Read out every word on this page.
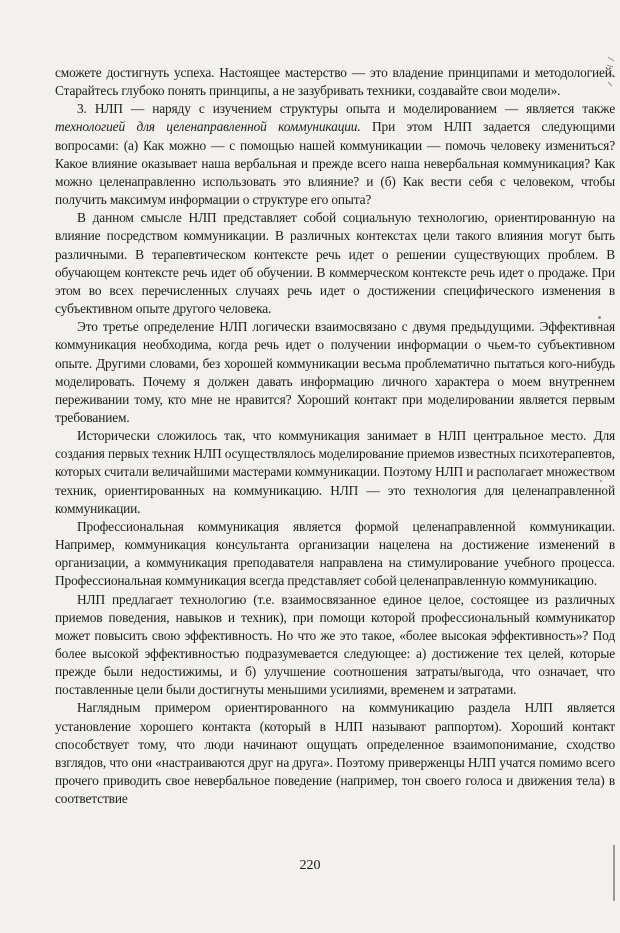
сможете достигнуть успеха. Настоящее мастерство — это владение принципами и методологией. Старайтесь глубоко понять принципы, а не зазубривать техники, создавайте свои модели».

3. НЛП — наряду с изучением структуры опыта и моделированием — является также технологией для целенаправленной коммуникации. При этом НЛП задается следующими вопросами: (а) Как можно — с помощью нашей коммуникации — помочь человеку измениться? Какое влияние оказывает наша вербальная и прежде всего наша невербальная коммуникация? Как можно целенаправленно использовать это влияние? и (б) Как вести себя с человеком, чтобы получить максимум информации о структуре его опыта?

В данном смысле НЛП представляет собой социальную технологию, ориентированную на влияние посредством коммуникации. В различных контекстах цели такого влияния могут быть различными. В терапевтическом контексте речь идет о решении существующих проблем. В обучающем контексте речь идет об обучении. В коммерческом контексте речь идет о продаже. При этом во всех перечисленных случаях речь идет о достижении специфического изменения в субъективном опыте другого человека.

Это третье определение НЛП логически взаимосвязано с двумя предыдущими. Эффективная коммуникация необходима, когда речь идет о получении информации о чьем-то субъективном опыте. Другими словами, без хорошей коммуникации весьма проблематично пытаться кого-нибудь моделировать. Почему я должен давать информацию личного характера о моем внутреннем переживании тому, кто мне не нравится? Хороший контакт при моделировании является первым требованием.

Исторически сложилось так, что коммуникация занимает в НЛП центральное место. Для создания первых техник НЛП осуществлялось моделирование приемов известных психотерапевтов, которых считали величайшими мастерами коммуникации. Поэтому НЛП и располагает множеством техник, ориентированных на коммуникацию. НЛП — это технология для целенаправленной коммуникации.

Профессиональная коммуникация является формой целенаправленной коммуникации. Например, коммуникация консультанта организации нацелена на достижение изменений в организации, а коммуникация преподавателя направлена на стимулирование учебного процесса. Профессиональная коммуникация всегда представляет собой целенаправленную коммуникацию.

НЛП предлагает технологию (т.е. взаимосвязанное единое целое, состоящее из различных приемов поведения, навыков и техник), при помощи которой профессиональный коммуникатор может повысить свою эффективность. Но что же это такое, «более высокая эффективность»? Под более высокой эффективностью подразумевается следующее: а) достижение тех целей, которые прежде были недостижимы, и б) улучшение соотношения затраты/выгода, что означает, что поставленные цели были достигнуты меньшими усилиями, временем и затратами.

Наглядным примером ориентированного на коммуникацию раздела НЛП является установление хорошего контакта (который в НЛП называют раппортом). Хороший контакт способствует тому, что люди начинают ощущать определенное взаимопонимание, сходство взглядов, что они «настраиваются друг на друга». Поэтому приверженцы НЛП учатся помимо всего прочего приводить свое невербальное поведение (например, тон своего голоса и движения тела) в соответствие

220
